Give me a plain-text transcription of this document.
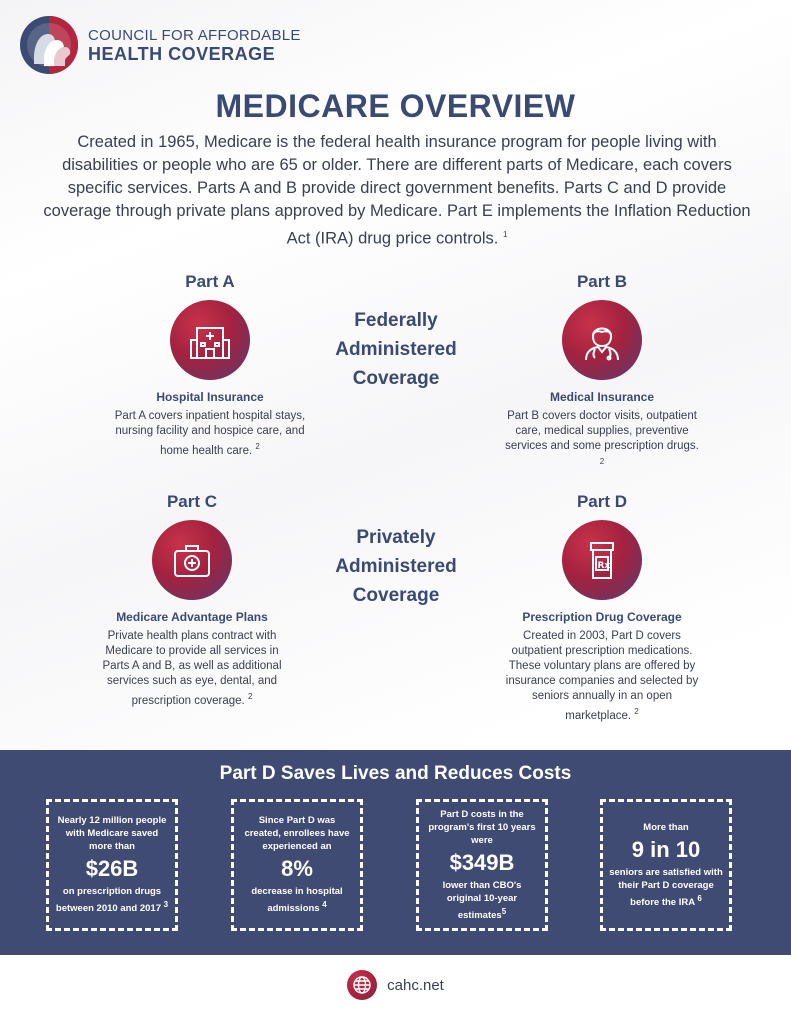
COUNCIL FOR AFFORDABLE
HEALTH COVERAGE
MEDICARE OVERVIEW
Created in 1965, Medicare is the federal health insurance program for people living with disabilities or people who are 65 or older. There are different parts of Medicare, each covers specific services. Parts A and B provide direct government benefits. Parts C and D provide coverage through private plans approved by Medicare. Part E implements the Inflation Reduction Act (IRA) drug price controls. $^1$
Part A
Hospital Insurance
Part A covers inpatient hospital stays, nursing facility and hospice care, and home health care. $^2$
Part B
Medical Insurance
Part B covers doctor visits, outpatient care, medical supplies, preventive services and some prescription drugs. $^2$
Federally Administered Coverage
Part C
Medicare Advantage Plans
Private health plans contract with Medicare to provide all services in Parts A and B, as well as additional services such as eye, dental, and prescription coverage. $^2$
Part D
Rx
Prescription Drug Coverage
Created in 2003, Part D covers outpatient prescription medications. These voluntary plans are offered by insurance companies and selected by seniors annually in an open marketplace. $^2$
Privately Administered Coverage
Part D Saves Lives and Reduces Costs
Nearly 12 million people with Medicare saved more than
$26B
on prescription drugs between 2010 and 2017 $^3$
Since Part D was created, enrollees have experienced an
8%
decrease in hospital admissions $^4$
Part D costs in the program's first 10 years were
$349B
lower than CBO's original 10-year estimates$^5$
More than
9 in 10
seniors are satisfied with their Part D coverage before the IRA $^6$
cahc.net
